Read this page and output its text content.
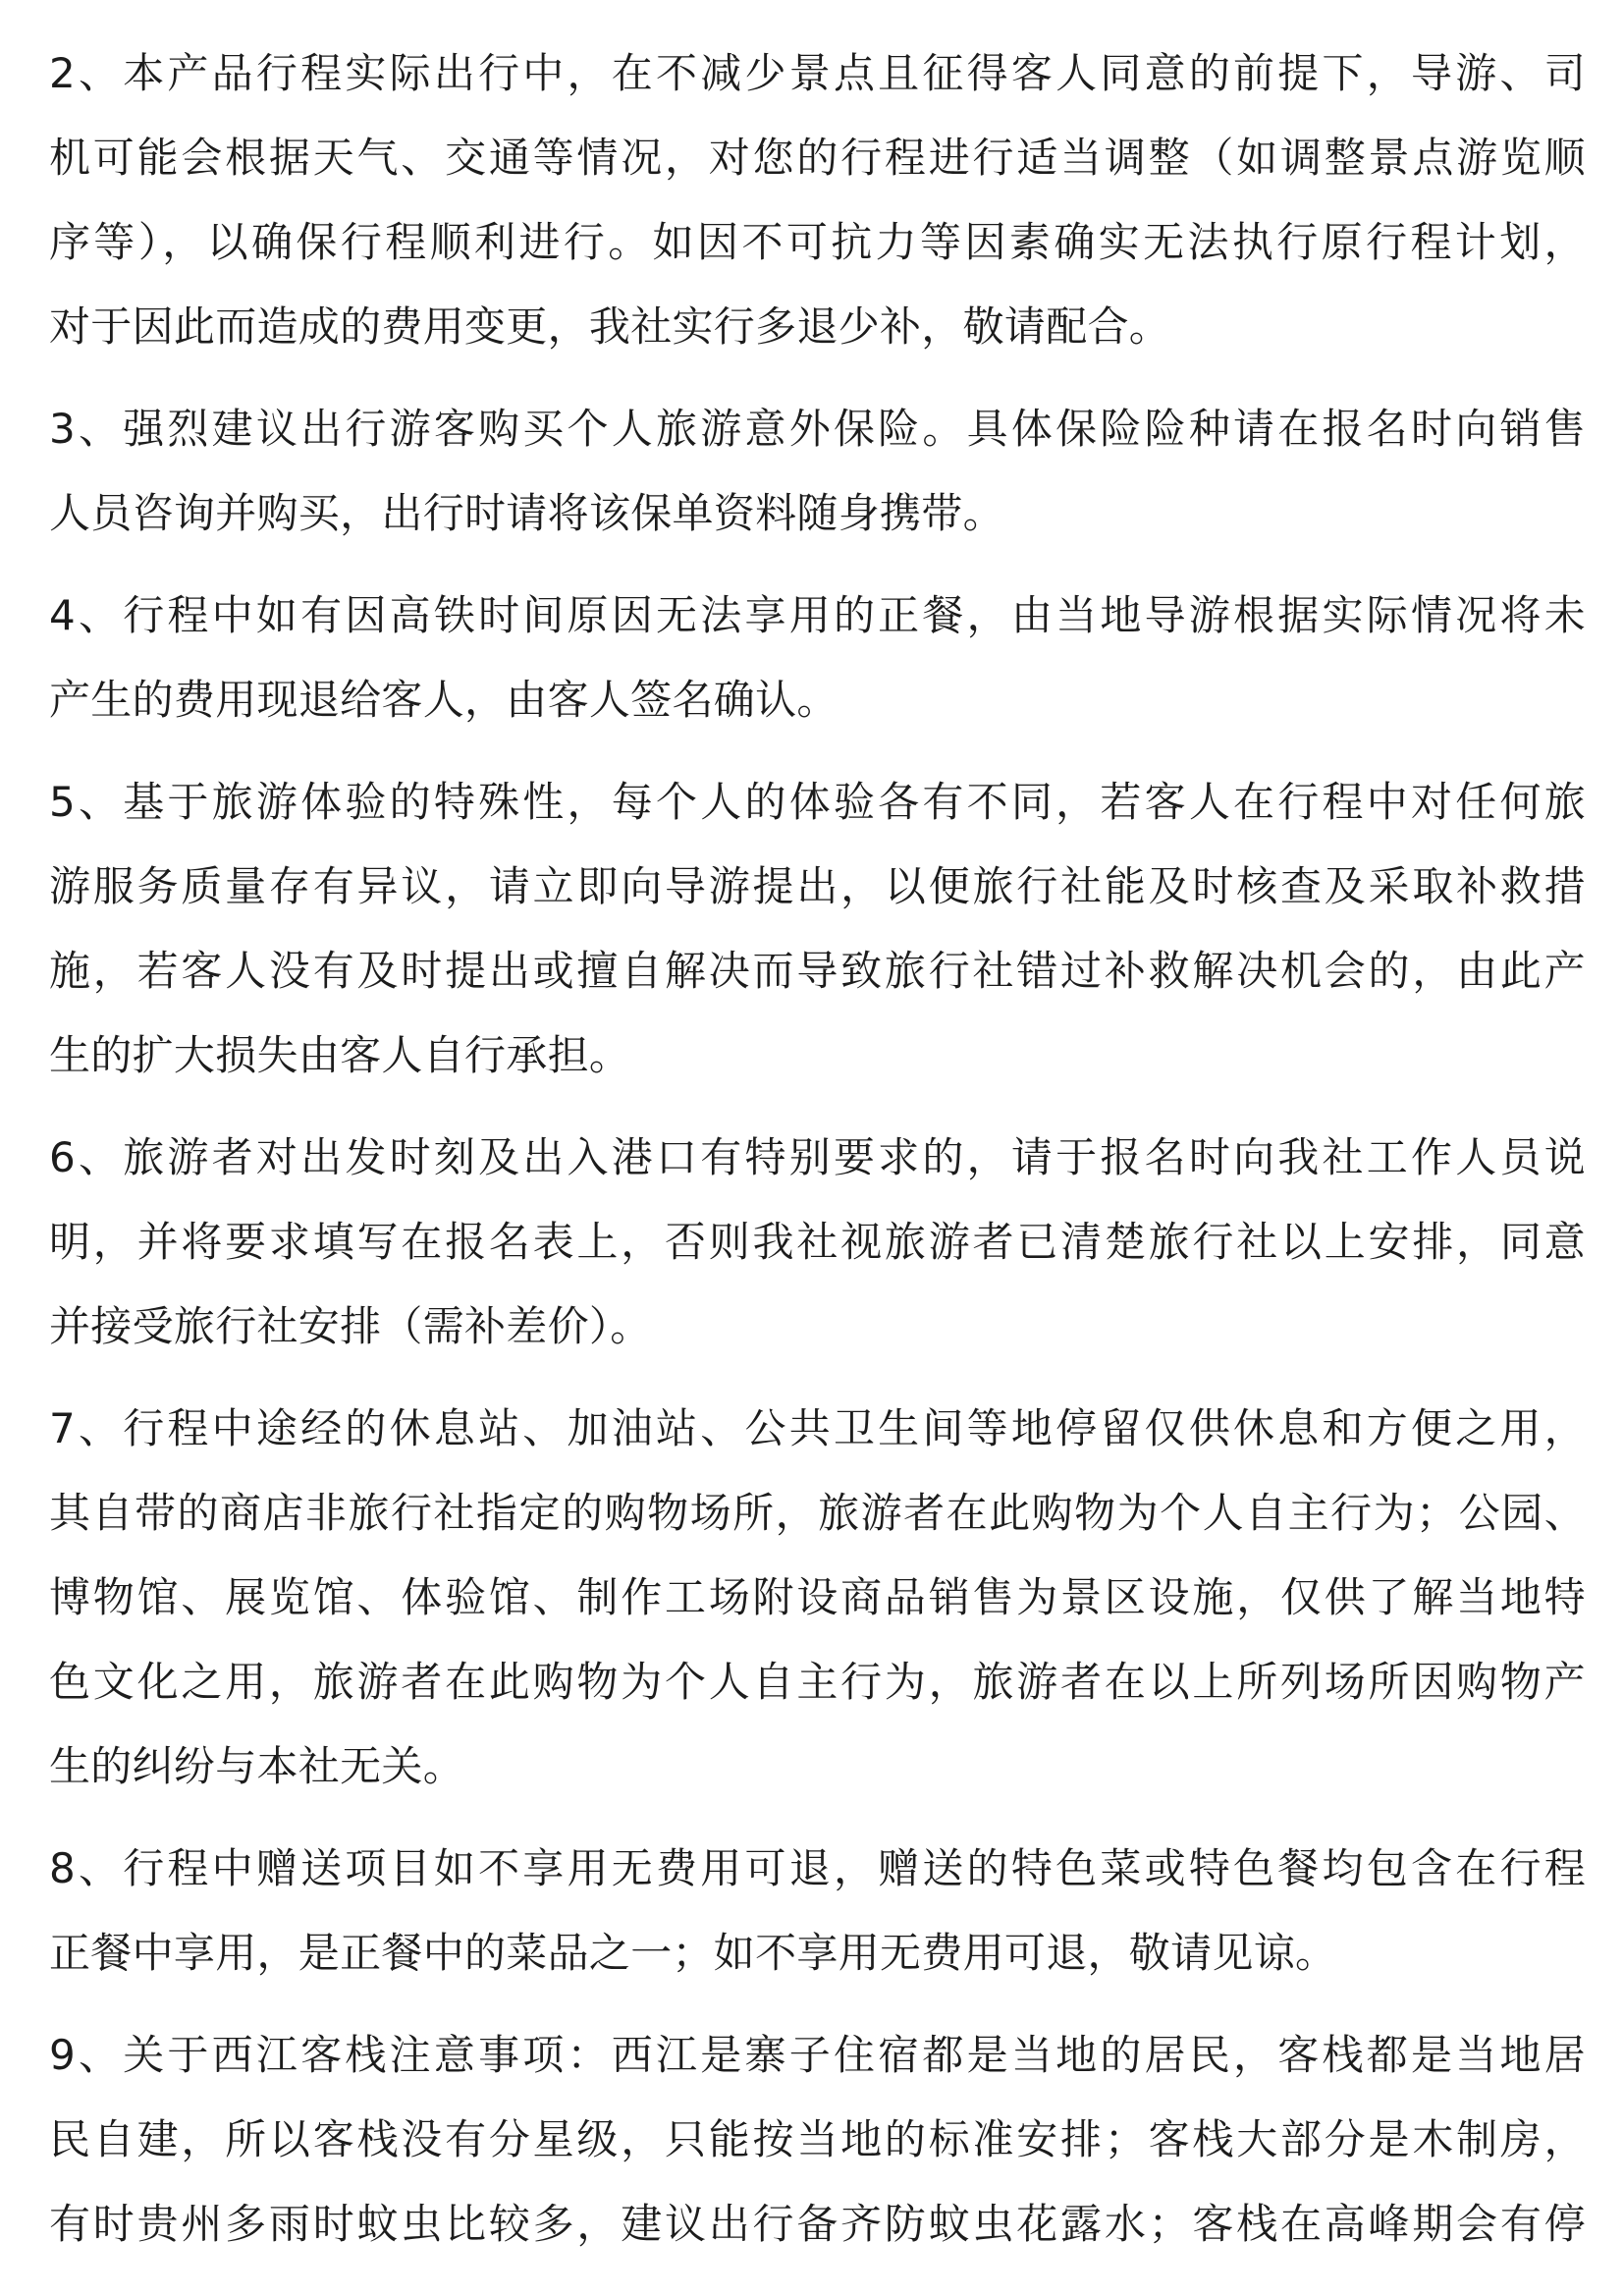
2、本产品行程实际出行中，在不减少景点且征得客人同意的前提下，导游、司
机可能会根据天气、交通等情况，对您的行程进行适当调整（如调整景点游览顺
序等），以确保行程顺利进行。如因不可抗力等因素确实无法执行原行程计划，
对于因此而造成的费用变更，我社实行多退少补，敬请配合。
3、强烈建议出行游客购买个人旅游意外保险。具体保险险种请在报名时向销售
人员咨询并购买，出行时请将该保单资料随身携带。
4、行程中如有因高铁时间原因无法享用的正餐，由当地导游根据实际情况将未
产生的费用现退给客人，由客人签名确认。
5、基于旅游体验的特殊性，每个人的体验各有不同，若客人在行程中对任何旅
游服务质量存有异议，请立即向导游提出，以便旅行社能及时核查及采取补救措
施，若客人没有及时提出或擅自解决而导致旅行社错过补救解决机会的，由此产
生的扩大损失由客人自行承担。
6、旅游者对出发时刻及出入港口有特别要求的，请于报名时向我社工作人员说
明，并将要求填写在报名表上，否则我社视旅游者已清楚旅行社以上安排，同意
并接受旅行社安排（需补差价）。
7、行程中途经的休息站、加油站、公共卫生间等地停留仅供休息和方便之用，
其自带的商店非旅行社指定的购物场所，旅游者在此购物为个人自主行为；公园、
博物馆、展览馆、体验馆、制作工场附设商品销售为景区设施，仅供了解当地特
色文化之用，旅游者在此购物为个人自主行为，旅游者在以上所列场所因购物产
生的纠纷与本社无关。
8、行程中赠送项目如不享用无费用可退，赠送的特色菜或特色餐均包含在行程
正餐中享用，是正餐中的菜品之一；如不享用无费用可退，敬请见谅。
9、关于西江客栈注意事项：西江是寨子住宿都是当地的居民，客栈都是当地居
民自建，所以客栈没有分星级，只能按当地的标准安排；客栈大部分是木制房，
有时贵州多雨时蚊虫比较多，建议出行备齐防蚊虫花露水；客栈在高峰期会有停
